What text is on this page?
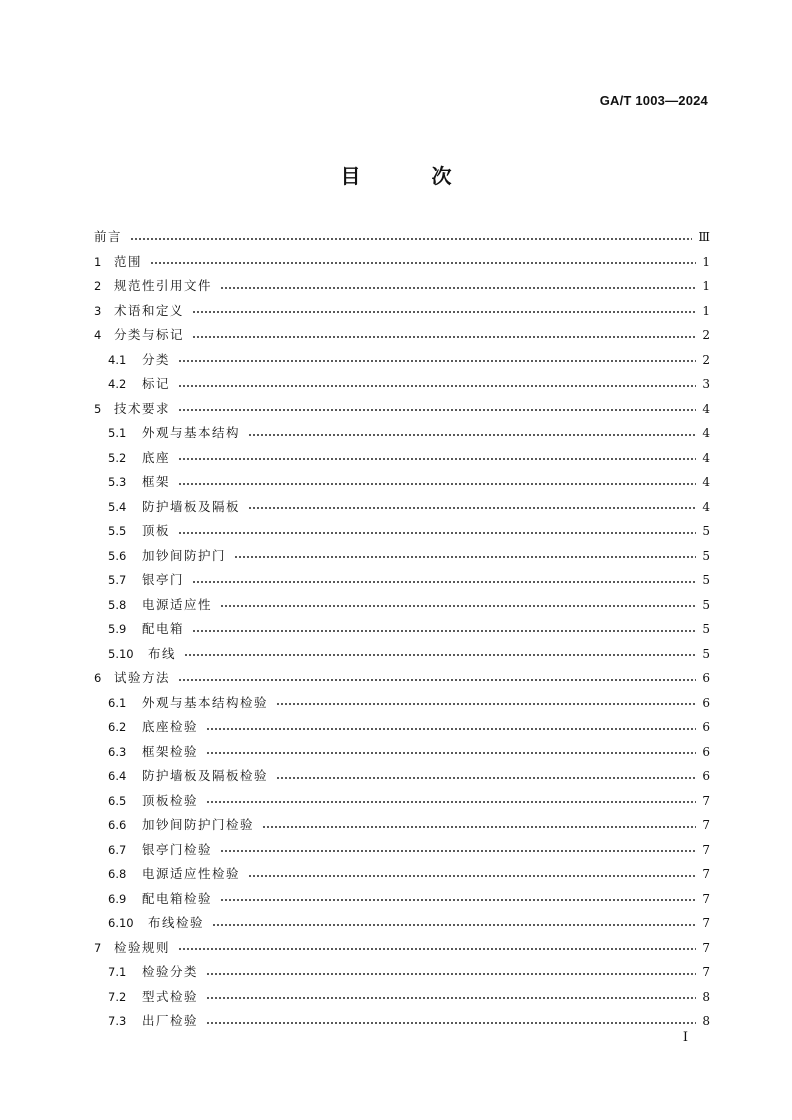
GA/T 1003—2024
目 次
前言	Ⅲ
1	范围	1
2	规范性引用文件	1
3	术语和定义	1
4	分类与标记	2
4.1	分类	2
4.2	标记	3
5	技术要求	4
5.1	外观与基本结构	4
5.2	底座	4
5.3	框架	4
5.4	防护墙板及隔板	4
5.5	顶板	5
5.6	加钞间防护门	5
5.7	银亭门	5
5.8	电源适应性	5
5.9	配电箱	5
5.10	布线	5
6	试验方法	6
6.1	外观与基本结构检验	6
6.2	底座检验	6
6.3	框架检验	6
6.4	防护墙板及隔板检验	6
6.5	顶板检验	7
6.6	加钞间防护门检验	7
6.7	银亭门检验	7
6.8	电源适应性检验	7
6.9	配电箱检验	7
6.10	布线检验	7
7	检验规则	7
7.1	检验分类	7
7.2	型式检验	8
7.3	出厂检验	8
I
